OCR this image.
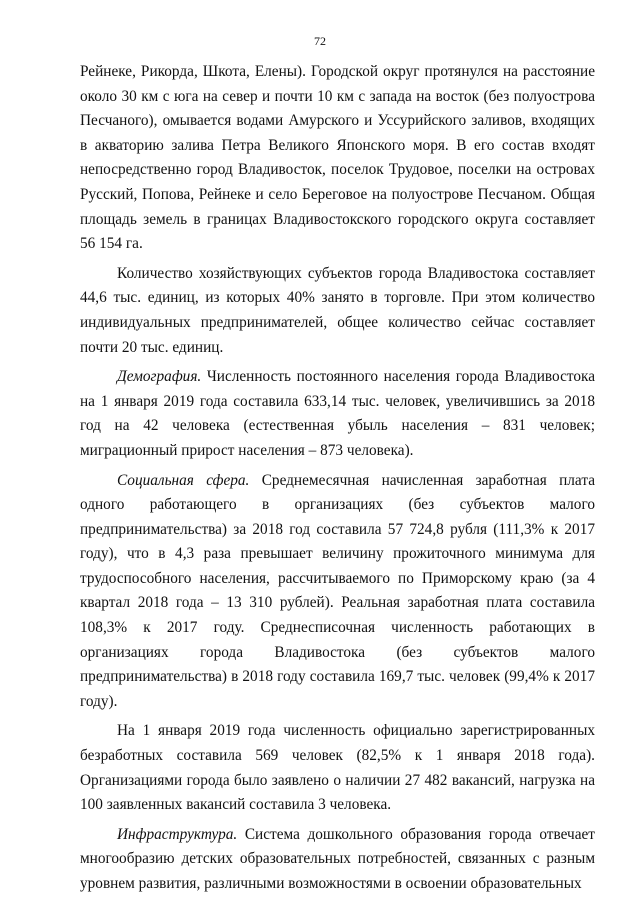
72

Рейнеке, Рикорда, Шкота, Елены). Городской округ протянулся на расстояние около 30 км с юга на север и почти 10 км с запада на восток (без полуострова Песчаного), омывается водами Амурского и Уссурийского заливов, входящих в акваторию залива Петра Великого Японского моря. В его состав входят непосредственно город Владивосток, поселок Трудовое, поселки на островах Русский, Попова, Рейнеке и село Береговое на полуострове Песчаном. Общая площадь земель в границах Владивостокского городского округа составляет 56 154 га.

Количество хозяйствующих субъектов города Владивостока составляет 44,6 тыс. единиц, из которых 40% занято в торговле. При этом количество индивидуальных предпринимателей, общее количество сейчас составляет почти 20 тыс. единиц.

Демография. Численность постоянного населения города Владивостока на 1 января 2019 года составила 633,14 тыс. человек, увеличившись за 2018 год на 42 человека (естественная убыль населения – 831 человек; миграционный прирост населения – 873 человека).

Социальная сфера. Среднемесячная начисленная заработная плата одного работающего в организациях (без субъектов малого предпринимательства) за 2018 год составила 57 724,8 рубля (111,3% к 2017 году), что в 4,3 раза превышает величину прожиточного минимума для трудоспособного населения, рассчитываемого по Приморскому краю (за 4 квартал 2018 года – 13 310 рублей). Реальная заработная плата составила 108,3% к 2017 году. Среднесписочная численность работающих в организациях города Владивостока (без субъектов малого предпринимательства) в 2018 году составила 169,7 тыс. человек (99,4% к 2017 году).

На 1 января 2019 года численность официально зарегистрированных безработных составила 569 человек (82,5% к 1 января 2018 года). Организациями города было заявлено о наличии 27 482 вакансий, нагрузка на 100 заявленных вакансий составила 3 человека.

Инфраструктура. Система дошкольного образования города отвечает многообразию детских образовательных потребностей, связанных с разным уровнем развития, различными возможностями в освоении образовательных
